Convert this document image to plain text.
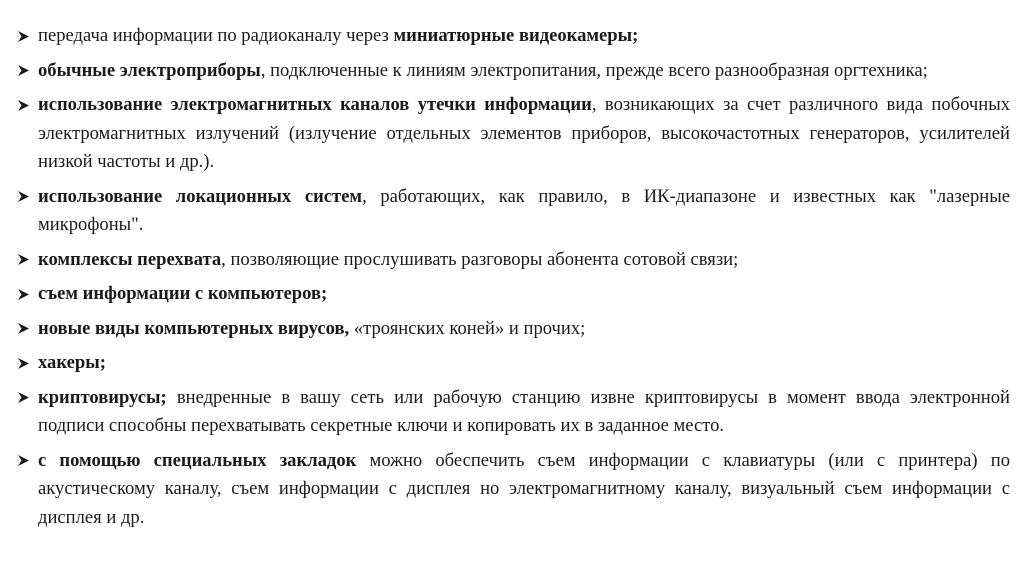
передача информации по радиоканалу через миниатюрные видеокамеры;
обычные электроприборы, подключенные к линиям электропитания, прежде всего разнообразная оргтехника;
использование электромагнитных каналов утечки информации, возникающих за счет различного вида побочных электромагнитных излучений (излучение отдельных элементов приборов, высокочастотных генераторов, усилителей низкой частоты и др.).
использование локационных систем, работающих, как правило, в ИК-диапазоне и известных как "лазерные микрофоны".
комплексы перехвата, позволяющие прослушивать разговоры абонента сотовой связи;
съем информации с компьютеров;
новые виды компьютерных вирусов, «троянских коней» и прочих;
хакеры;
криптовирусы; внедренные в вашу сеть или рабочую станцию извне криптовирусы в момент ввода электронной подписи способны перехватывать секретные ключи и копировать их в заданное место.
с помощью специальных закладок можно обеспечить съем информации с клавиатуры (или с принтера) по акустическому каналу, съем информации с дисплея но электромагнитному каналу, визуальный съем информации с дисплея и др.
